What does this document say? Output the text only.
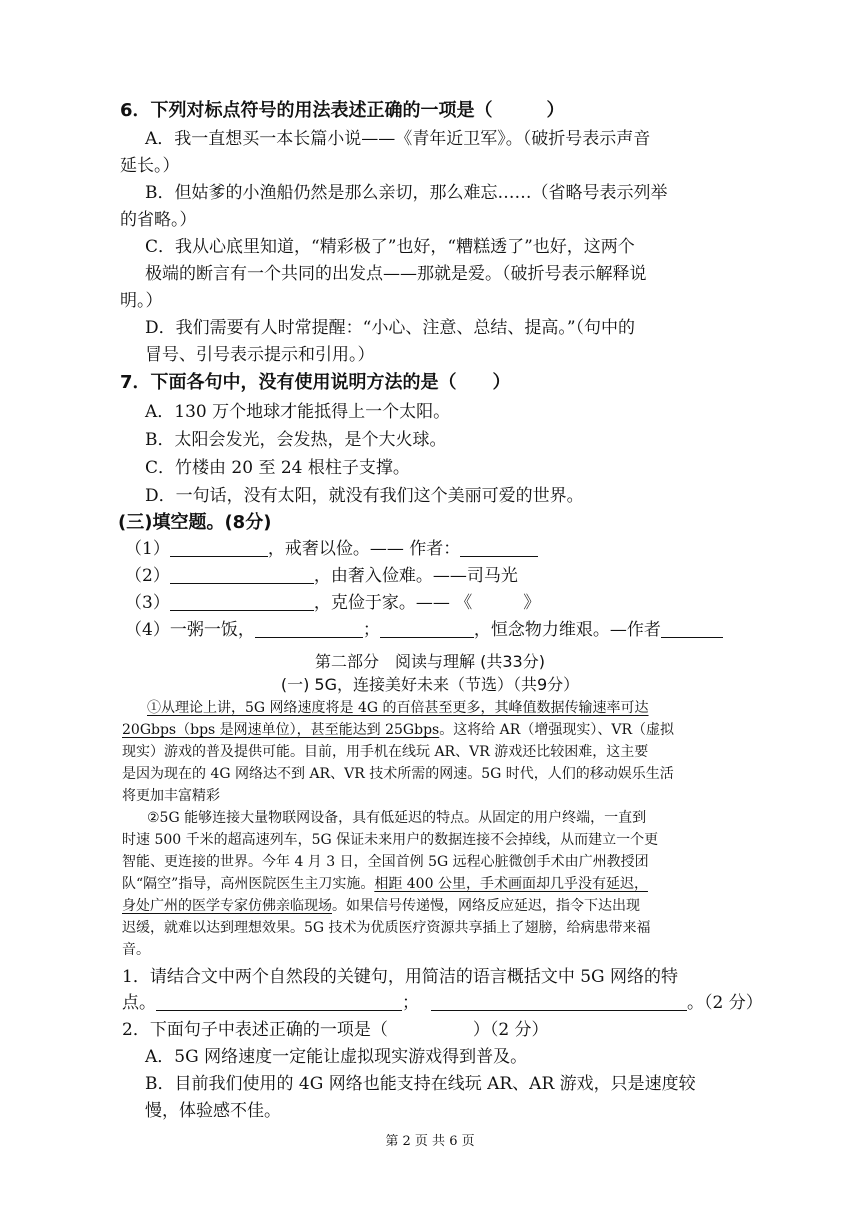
6．下列对标点符号的用法表述正确的一项是（　　　）
A．我一直想买一本长篇小说——《青年近卫军》。（破折号表示声音
延长。）
B．但姑爹的小渔船仍然是那么亲切，那么难忘……（省略号表示列举
的省略。）
C．我从心底里知道，“精彩极了”也好，“糟糕透了”也好，这两个
极端的断言有一个共同的出发点——那就是爱。（破折号表示解释说
明。）
D．我们需要有人时常提醒：“小心、注意、总结、提高。”（句中的
冒号、引号表示提示和引用。）
7．下面各句中，没有使用说明方法的是（　　）
A．130 万个地球才能抵得上一个太阳。
B．太阳会发光，会发热，是个大火球。
C．竹楼由 20 至 24 根柱子支撑。
D．一句话，没有太阳，就没有我们这个美丽可爱的世界。
(三)填空题。(8分)
（1）	，戒奢以俭。—— 作者：
（2）	，由奢入俭难。——司马光
（3）	，克俭于家。—— 《　　　》
（4）一粥一饭，	；	，恒念物力维艰。—作者
第二部分　阅读与理解 (共33分)
(一) 5G，连接美好未来（节选）（共9分）
①从理论上讲，5G 网络速度将是 4G 的百倍甚至更多，其峰值数据传输速率可达
20Gbps（bps 是网速单位），甚至能达到 25Gbps。这将给 AR（增强现实）、VR（虚拟
现实）游戏的普及提供可能。目前，用手机在线玩 AR、VR 游戏还比较困难，这主要
是因为现在的 4G 网络达不到 AR、VR 技术所需的网速。5G 时代，人们的移动娱乐生活
将更加丰富精彩
②5G 能够连接大量物联网设备，具有低延迟的特点。从固定的用户终端，一直到
时速 500 千米的超高速列车，5G 保证未来用户的数据连接不会掉线，从而建立一个更
智能、更连接的世界。今年 4 月 3 日，全国首例 5G 远程心脏微创手术由广州教授团
队“隔空”指导，高州医院医生主刀实施。相距 400 公里，手术画面却几乎没有延迟，
身处广州的医学专家仿佛亲临现场。如果信号传递慢，网络反应延迟，指令下达出现
迟缓，就难以达到理想效果。5G 技术为优质医疗资源共享插上了翅膀，给病患带来福
音。
1．请结合文中两个自然段的关键句，用简洁的语言概括文中 5G 网络的特
点。	；	。（2 分）
2．下面句子中表述正确的一项是（　　　　　）（2 分）
A．5G 网络速度一定能让虚拟现实游戏得到普及。
B．目前我们使用的 4G 网络也能支持在线玩 AR、AR 游戏，只是速度较
慢，体验感不佳。
第 2 页 共 6 页
